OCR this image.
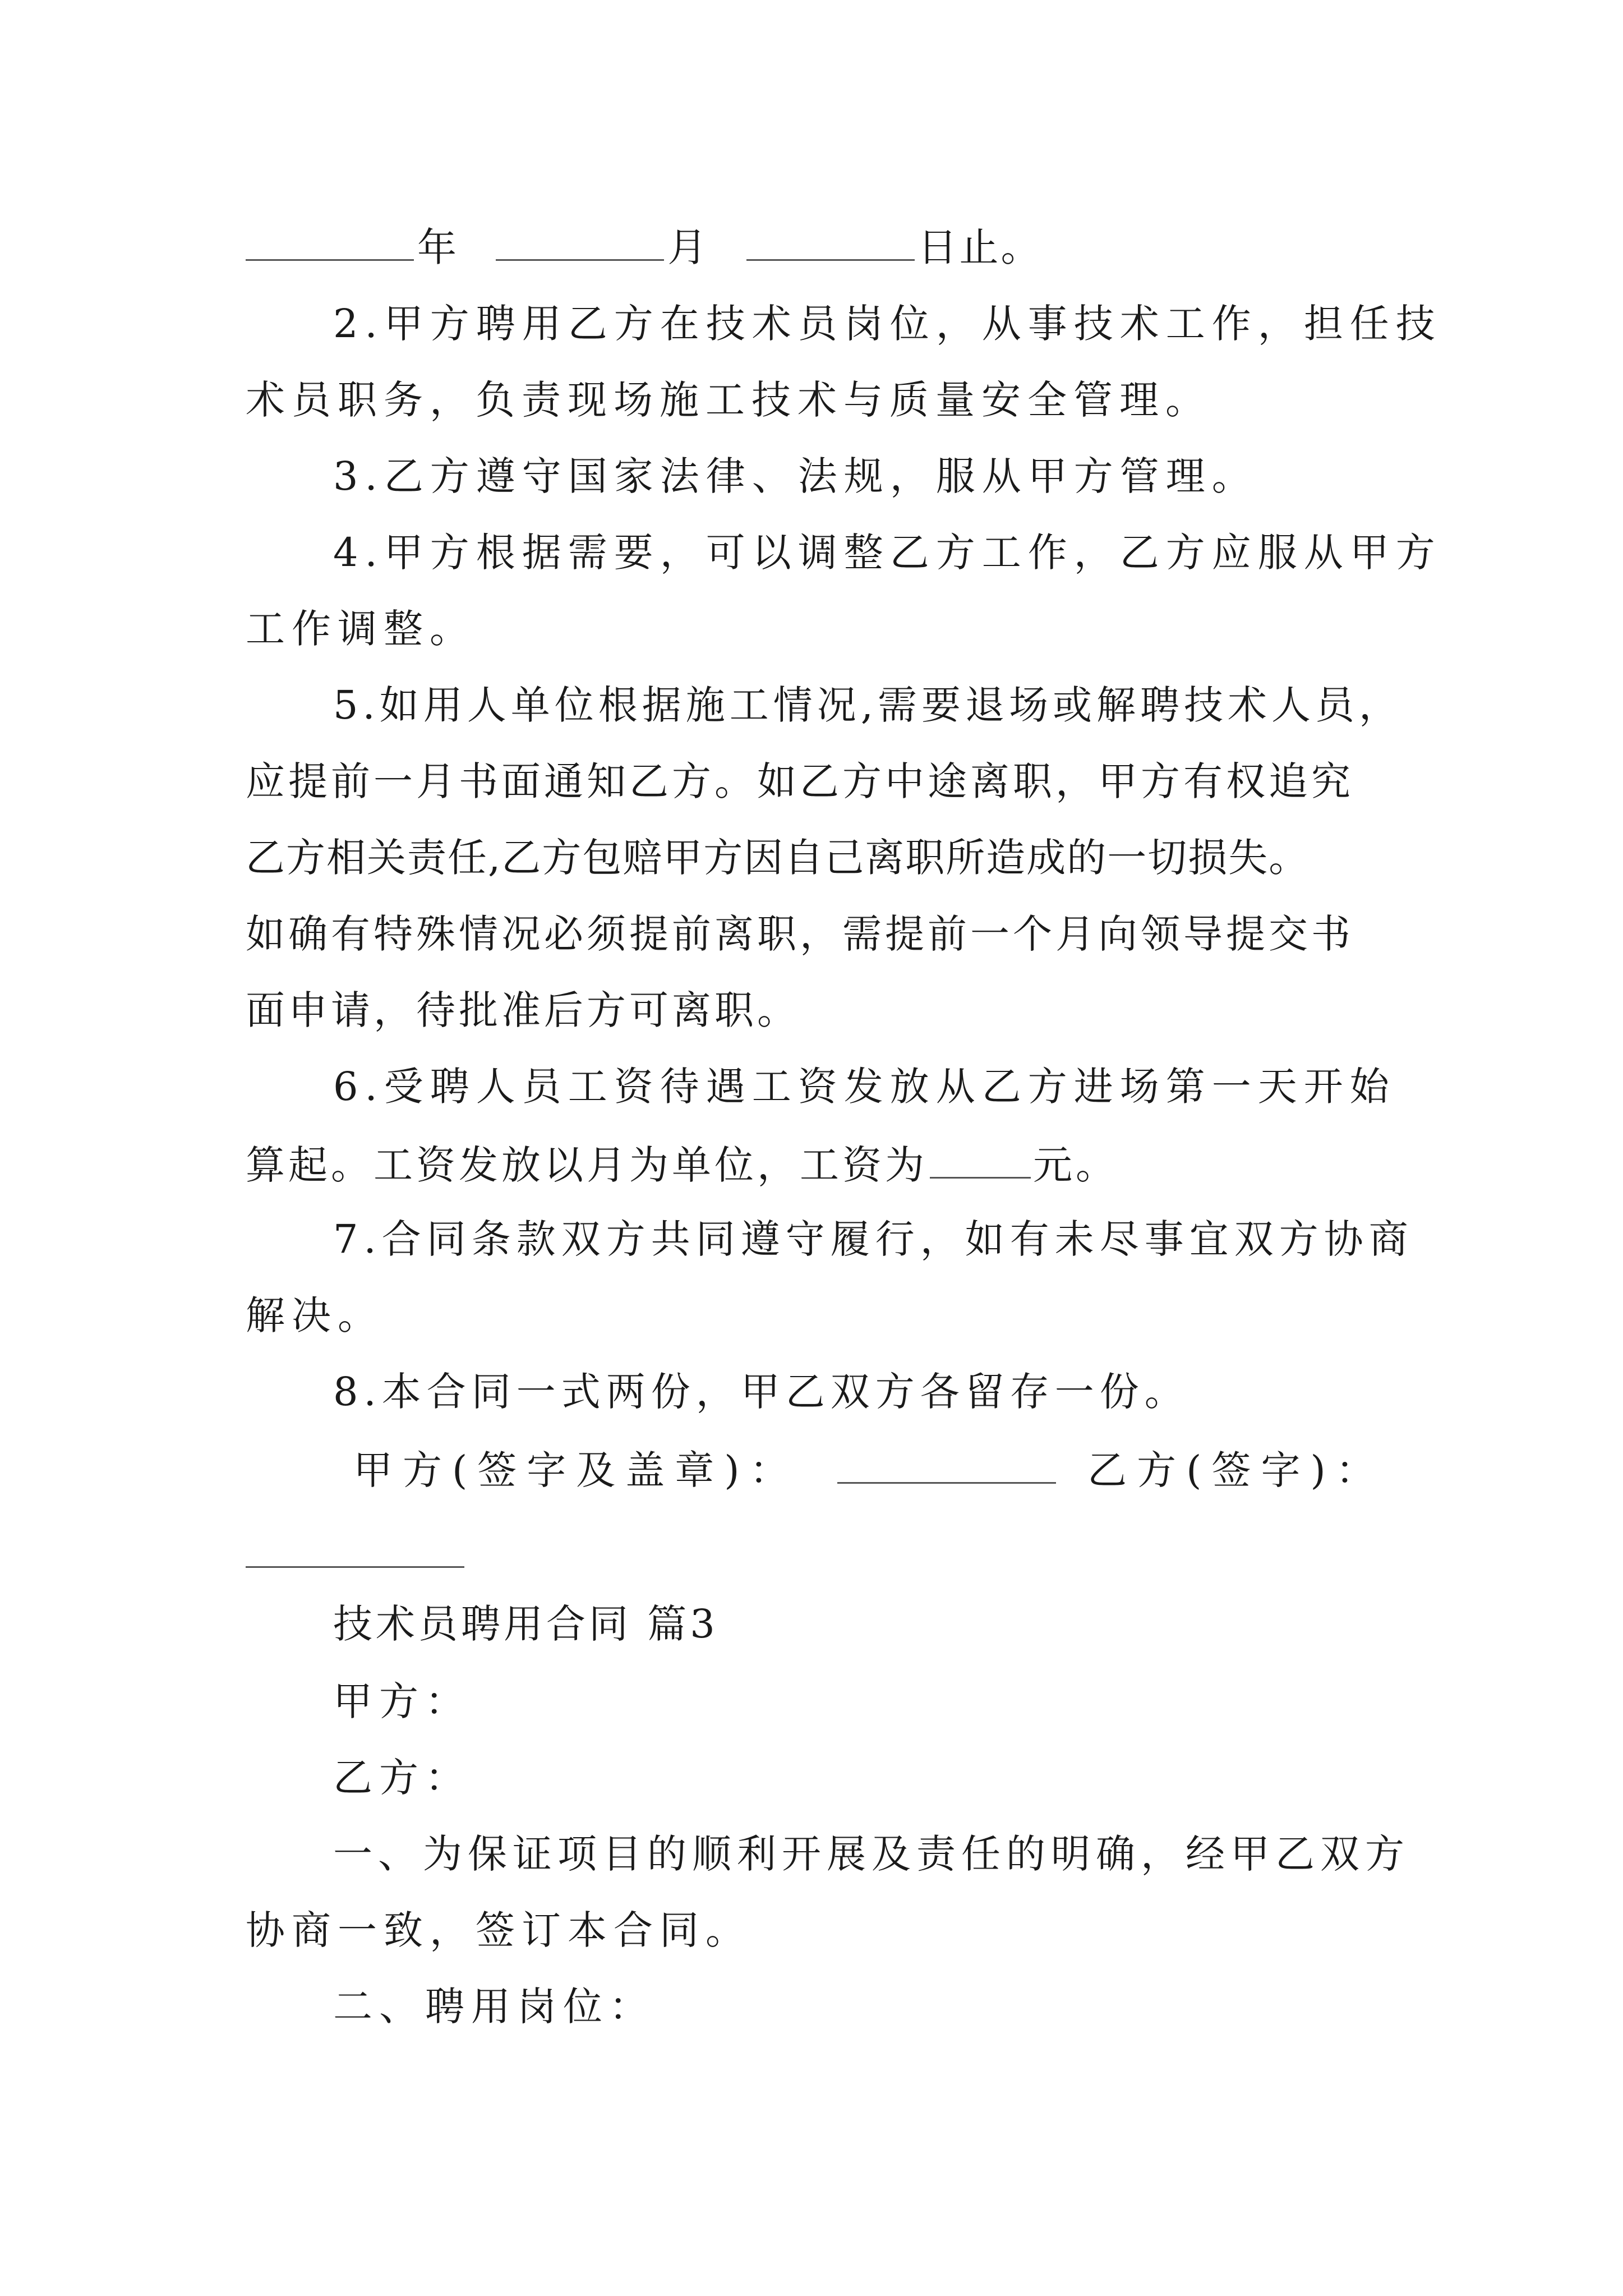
年	月	日止。
2.甲方聘用乙方在技术员岗位，从事技术工作，担任技
术员职务，负责现场施工技术与质量安全管理。
3.乙方遵守国家法律、法规，服从甲方管理。
4.甲方根据需要，可以调整乙方工作，乙方应服从甲方
工作调整。
5.如用人单位根据施工情况,需要退场或解聘技术人员，
应提前一月书面通知乙方。如乙方中途离职，甲方有权追究
乙方相关责任,乙方包赔甲方因自己离职所造成的一切损失。
如确有特殊情况必须提前离职，需提前一个月向领导提交书
面申请，待批准后方可离职。
6.受聘人员工资待遇工资发放从乙方进场第一天开始
算起。工资发放以月为单位，工资为	元。
7.合同条款双方共同遵守履行，如有未尽事宜双方协商
解决。
8.本合同一式两份，甲乙双方各留存一份。
甲方(签字及盖章)：	乙方(签字)：
技术员聘用合同 篇3
甲方：
乙方：
一、为保证项目的顺利开展及责任的明确，经甲乙双方
协商一致，签订本合同。
二、聘用岗位：
